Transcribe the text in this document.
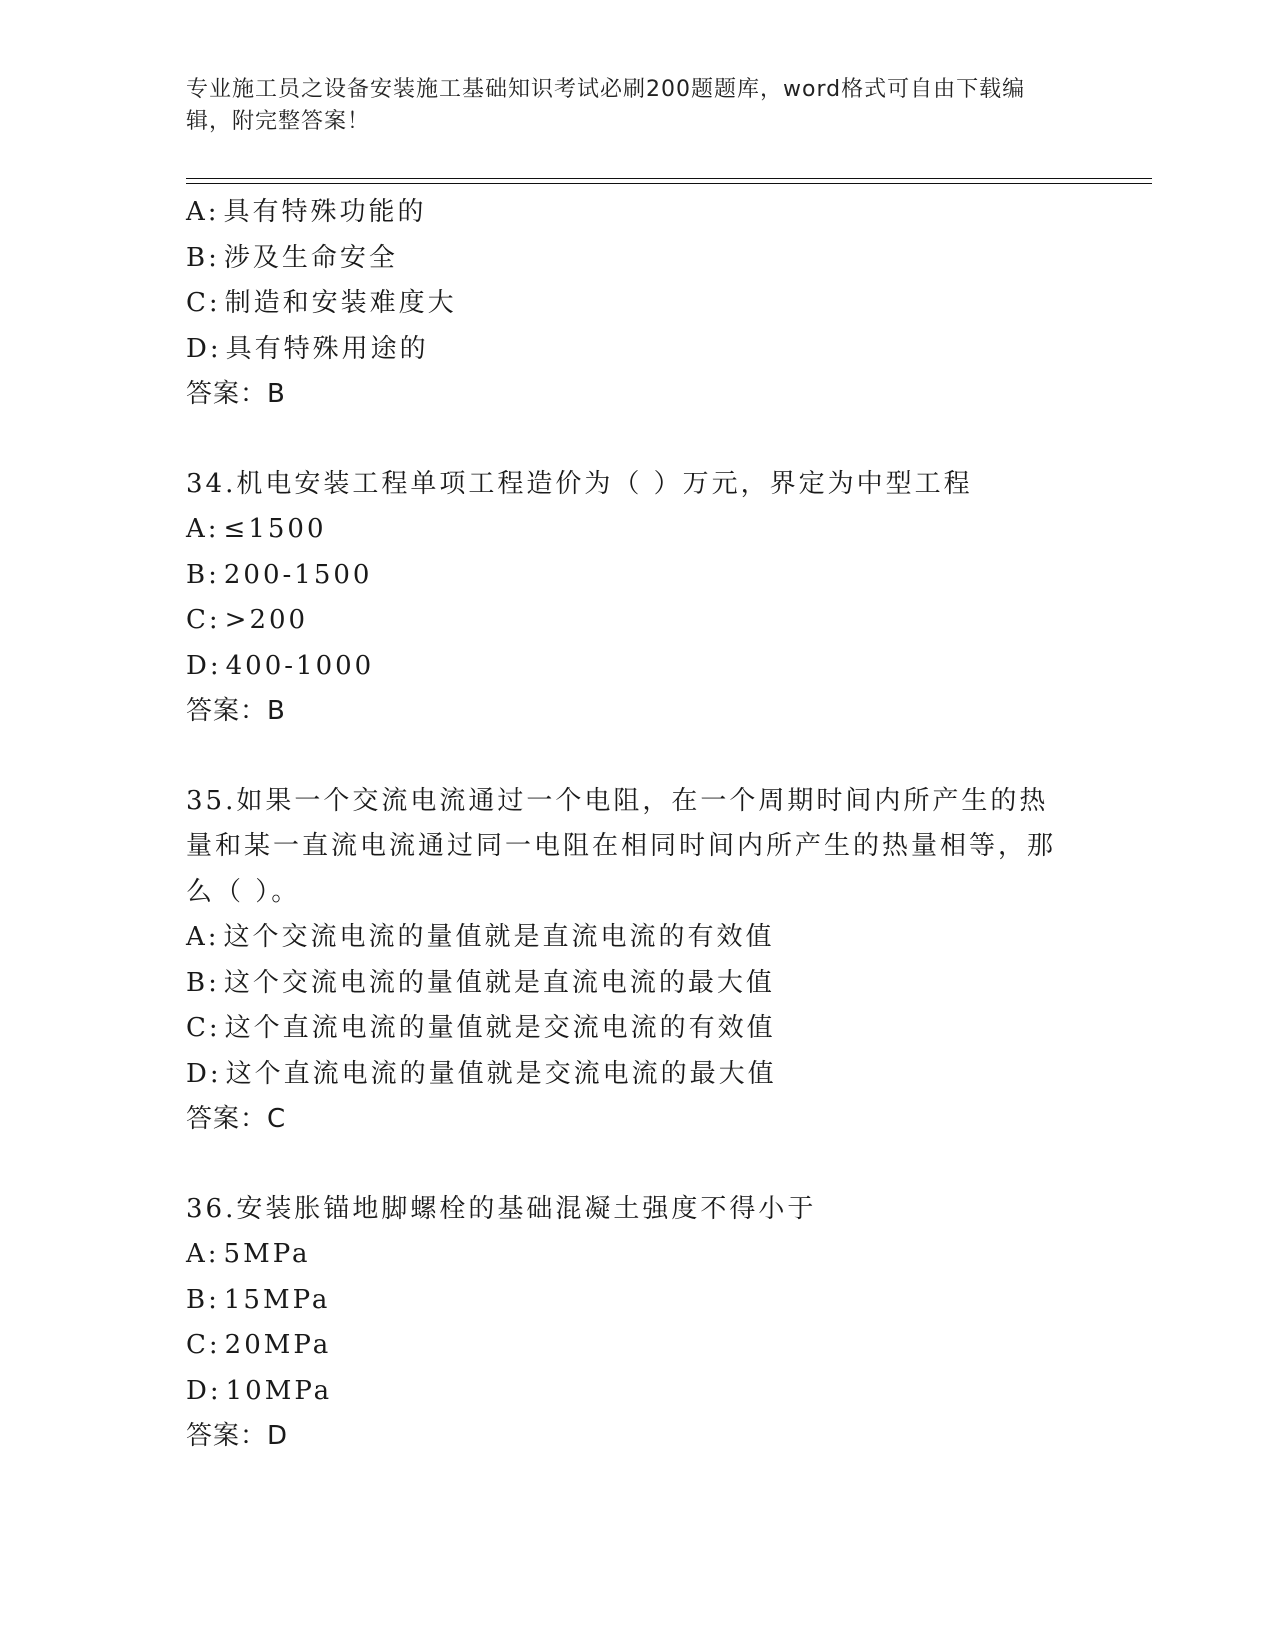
专业施工员之设备安装施工基础知识考试必刷200题题库，word格式可自由下载编辑，附完整答案！
A: 具有特殊功能的
B: 涉及生命安全
C: 制造和安装难度大
D: 具有特殊用途的
答案：B
34.机电安装工程单项工程造价为（ ）万元，界定为中型工程
A: ≤1500
B: 200-1500
C: >200
D: 400-1000
答案：B
35.如果一个交流电流通过一个电阻，在一个周期时间内所产生的热量和某一直流电流通过同一电阻在相同时间内所产生的热量相等，那么（ ）。
A: 这个交流电流的量值就是直流电流的有效值
B: 这个交流电流的量值就是直流电流的最大值
C: 这个直流电流的量值就是交流电流的有效值
D: 这个直流电流的量值就是交流电流的最大值
答案：C
36.安装胀锚地脚螺栓的基础混凝土强度不得小于
A: 5MPa
B: 15MPa
C: 20MPa
D: 10MPa
答案：D
